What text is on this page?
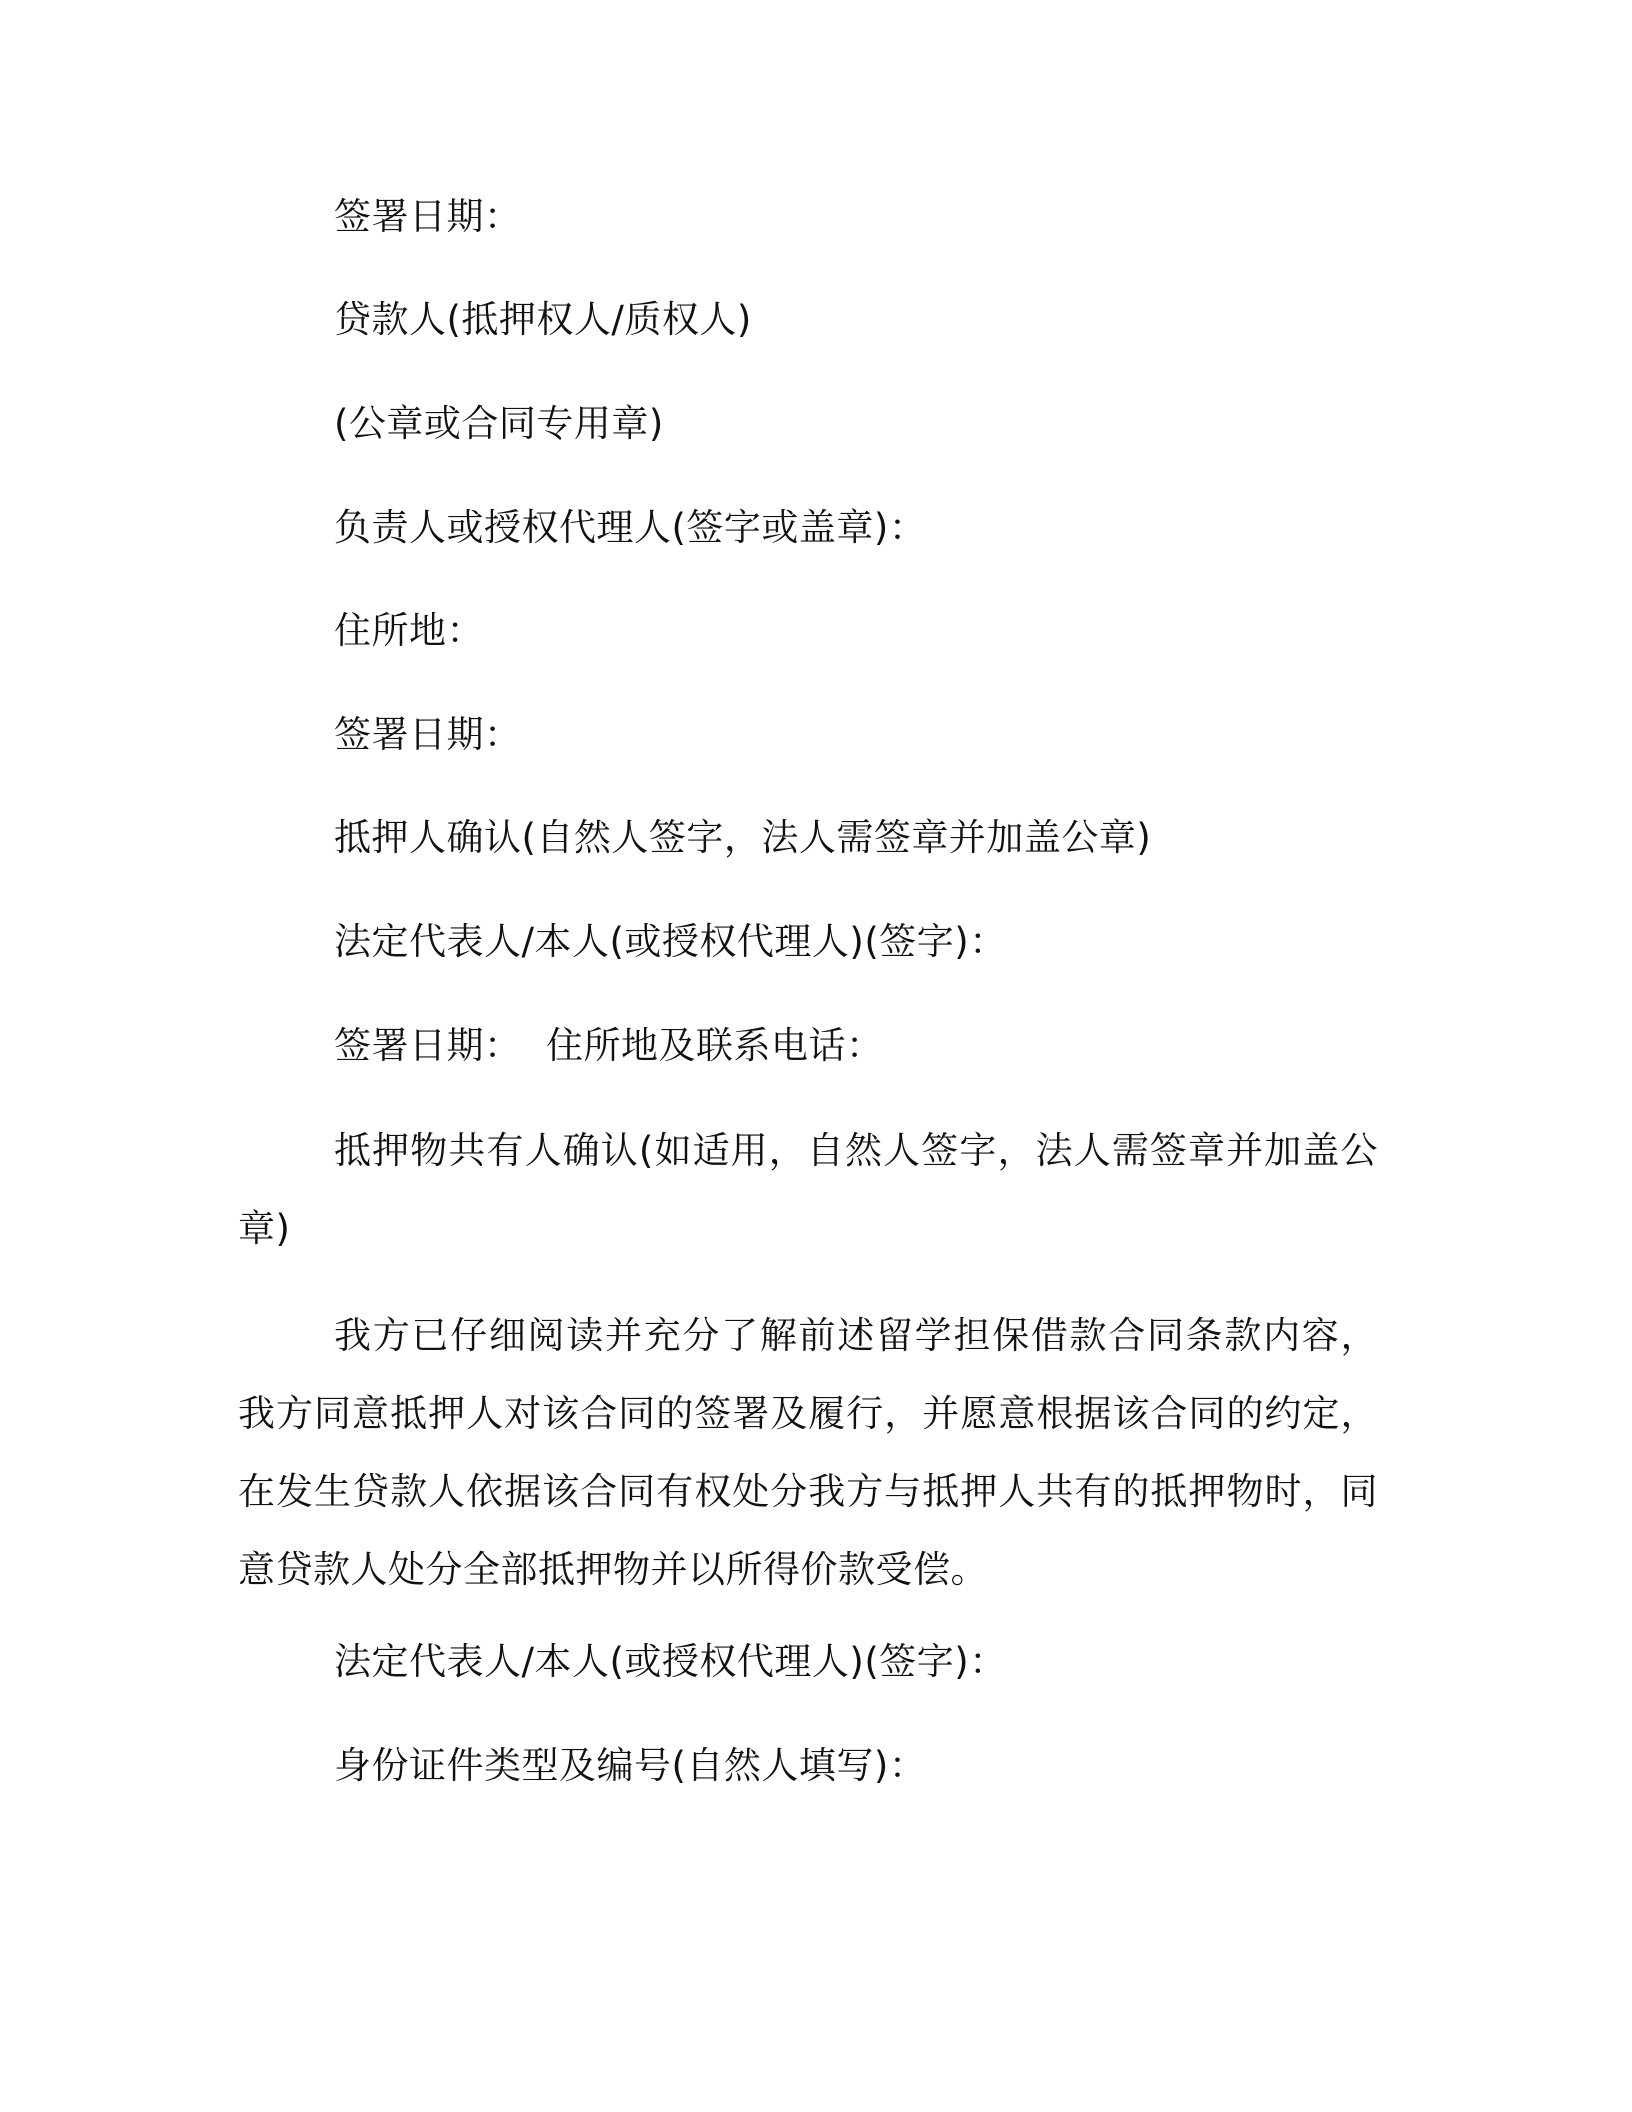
签署日期：
贷款人(抵押权人/质权人)
(公章或合同专用章)
负责人或授权代理人(签字或盖章)：
住所地：
签署日期：
抵押人确认(自然人签字，法人需签章并加盖公章)
法定代表人/本人(或授权代理人)(签字)：
签署日期：  住所地及联系电话：
抵押物共有人确认(如适用，自然人签字，法人需签章并加盖公章)
我方已仔细阅读并充分了解前述留学担保借款合同条款内容，我方同意抵押人对该合同的签署及履行，并愿意根据该合同的约定，在发生贷款人依据该合同有权处分我方与抵押人共有的抵押物时，同意贷款人处分全部抵押物并以所得价款受偿。
法定代表人/本人(或授权代理人)(签字)：
身份证件类型及编号(自然人填写)：
